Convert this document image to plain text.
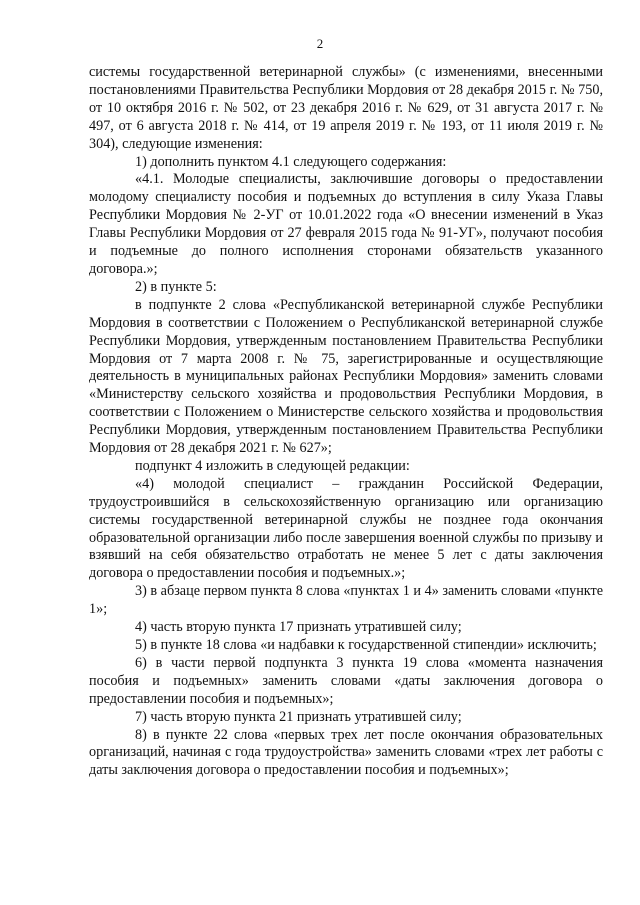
2

системы государственной ветеринарной службы» (с изменениями, внесенными постановлениями Правительства Республики Мордовия от 28 декабря 2015 г. № 750, от 10 октября 2016 г. № 502, от 23 декабря 2016 г. № 629, от 31 августа 2017 г. № 497, от 6 августа 2018 г. № 414, от 19 апреля 2019 г. № 193, от 11 июля 2019 г. № 304), следующие изменения:

1) дополнить пунктом 4.1 следующего содержания:

«4.1. Молодые специалисты, заключившие договоры о предоставлении молодому специалисту пособия и подъемных до вступления в силу Указа Главы Республики Мордовия № 2-УГ от 10.01.2022 года «О внесении изменений в Указ Главы Республики Мордовия от 27 февраля 2015 года № 91-УГ», получают пособия и подъемные до полного исполнения сторонами обязательств указанного договора.»;

2) в пункте 5:

в подпункте 2 слова «Республиканской ветеринарной службе Республики Мордовия в соответствии с Положением о Республиканской ветеринарной службе Республики Мордовия, утвержденным постановлением Правительства Республики Мордовия от 7 марта 2008 г. № 75, зарегистрированные и осуществляющие деятельность в муниципальных районах Республики Мордовия» заменить словами «Министерству сельского хозяйства и продовольствия Республики Мордовия, в соответствии с Положением о Министерстве сельского хозяйства и продовольствия Республики Мордовия, утвержденным постановлением Правительства Республики Мордовия от 28 декабря 2021 г. № 627»;

подпункт 4 изложить в следующей редакции:

«4) молодой специалист – гражданин Российской Федерации, трудоустроившийся в сельскохозяйственную организацию или организацию системы государственной ветеринарной службы не позднее года окончания образовательной организации либо после завершения военной службы по призыву и взявший на себя обязательство отработать не менее 5 лет с даты заключения договора о предоставлении пособия и подъемных.»;

3) в абзаце первом пункта 8 слова «пунктах 1 и 4» заменить словами «пункте 1»;

4) часть вторую пункта 17 признать утратившей силу;

5) в пункте 18 слова «и надбавки к государственной стипендии» исключить;

6) в части первой подпункта 3 пункта 19 слова «момента назначения пособия и подъемных» заменить словами «даты заключения договора о предоставлении пособия и подъемных»;

7) часть вторую пункта 21 признать утратившей силу;

8) в пункте 22 слова «первых трех лет после окончания образовательных организаций, начиная с года трудоустройства» заменить словами «трех лет работы с даты заключения договора о предоставлении пособия и подъемных»;
